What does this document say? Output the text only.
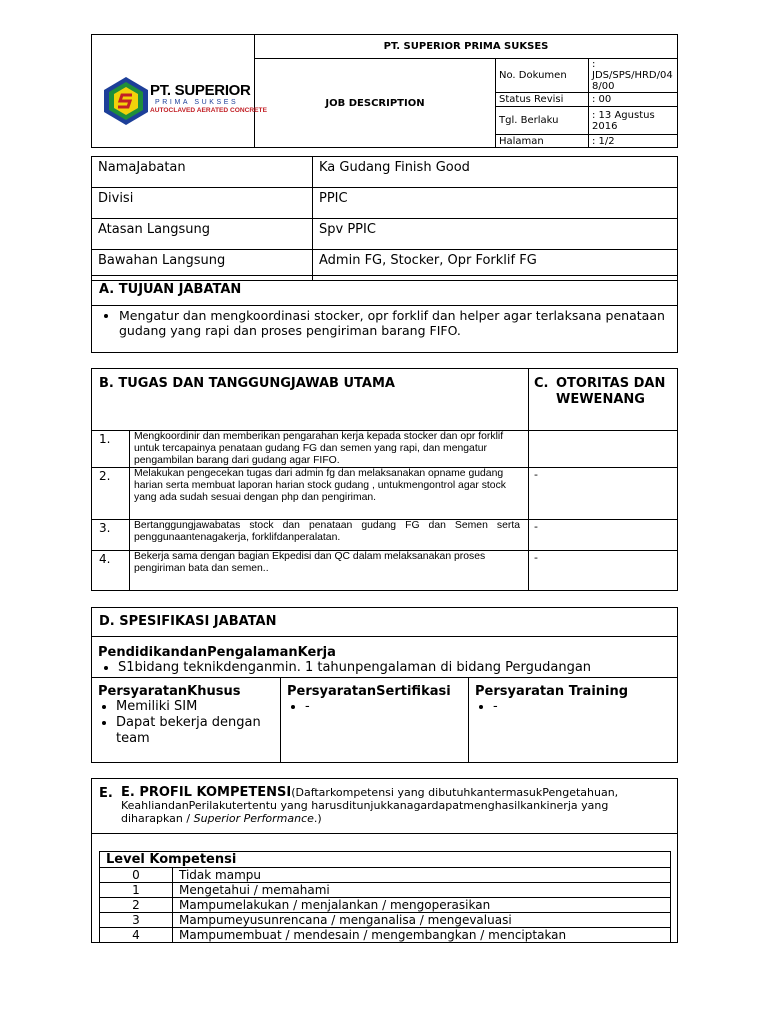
PT. SUPERIOR
PRIMA SUKSES
AUTOCLAVED AERATED CONCRETE	PT. SUPERIOR PRIMA SUKSES		
	JOB DESCRIPTION	No. Dokumen	: JDS/SPS/HRD/04 8/00
		Status Revisi	: 00
		Tgl. Berlaku	: 13 Agustus 2016
		Halaman	: 1/2
NamaJabatan	Ka Gudang Finish Good
Divisi	PPIC
Atasan Langsung	Spv PPIC
Bawahan Langsung	Admin FG, Stocker, Opr Forklif FG
A. TUJUAN JABATAN
• Mengatur dan mengkoordinasi stocker, opr forklif dan helper agar terlaksana penataan gudang yang rapi dan proses pengiriman barang FIFO.
B. TUGAS DAN TANGGUNGJAWAB UTAMA		C. OTORITAS DAN WEWENANG

1.	Mengkoordinir dan memberikan pengarahan kerja kepada stocker dan opr forklif untuk tercapainya penataan gudang FG dan semen yang rapi, dan mengatur pengambilan barang dari gudang agar FIFO.	
2.	Melakukan pengecekan tugas dari admin fg dan melaksanakan opname gudang harian serta membuat laporan harian stock gudang , untukmengontrol agar stock yang ada sudah sesuai dengan php dan pengiriman.	-
3.	Bertanggungjawabatas stock dan penataan gudang FG dan Semen serta penggunaantenagakerja, forklifdanperalatan.	-
4.	Bekerja sama dengan bagian Ekpedisi dan QC dalam melaksanakan proses pengiriman bata dan semen..	-
D. SPESIFIKASI JABATAN
PendidikandanPengalamanKerja
• S1bidang teknikdenganmin. 1 tahunpengalaman di bidang Pergudangan
PersyaratanKhusus
• Memiliki SIM
• Dapat bekerja dengan team
PersyaratanSertifikasi
• -
Persyaratan Training
• -
E. E. PROFIL KOMPETENSI(Daftarkompetensi yang dibutuhkantermasukPengetahuan, KeahliandanPerilakutertentu yang harusditunjukkanagardapatmenghasilkankinerja yang diharapkan / Superior Performance.)
Level Kompetensi	
0	Tidak mampu
1	Mengetahui / memahami
2	Mampumelakukan / menjalankan / mengoperasikan
3	Mampumeyusunrencana / menganalisa / mengevaluasi
4	Mampumembuat / mendesain / mengembangkan / menciptakan
